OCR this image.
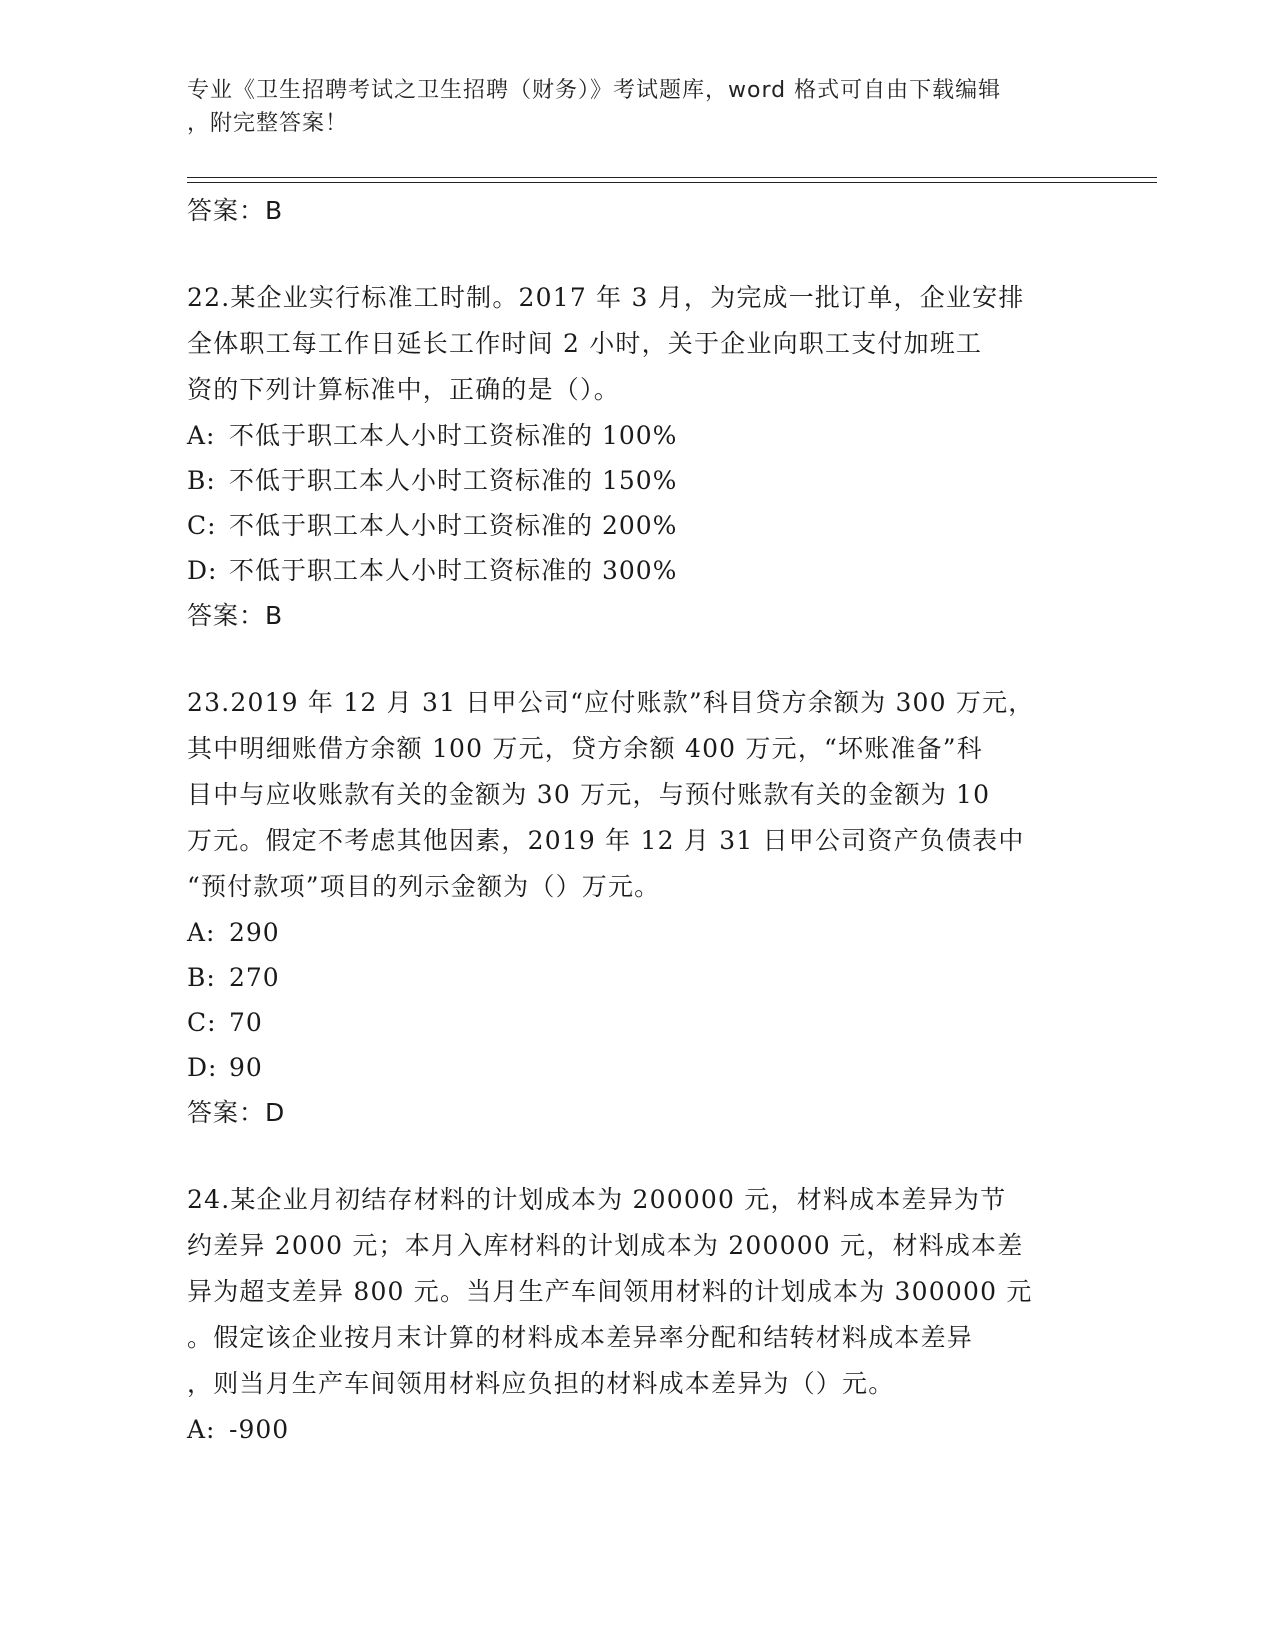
专业《卫生招聘考试之卫生招聘（财务）》考试题库，word 格式可自由下载编辑
，附完整答案！
答案：B
22.某企业实行标准工时制。2017 年 3 月，为完成一批订单，企业安排
全体职工每工作日延长工作时间 2 小时，关于企业向职工支付加班工
资的下列计算标准中，正确的是（）。
A: 不低于职工本人小时工资标准的 100%
B: 不低于职工本人小时工资标准的 150%
C: 不低于职工本人小时工资标准的 200%
D: 不低于职工本人小时工资标准的 300%
答案：B
23.2019 年 12 月 31 日甲公司“应付账款”科目贷方余额为 300 万元，
其中明细账借方余额 100 万元，贷方余额 400 万元，“坏账准备”科
目中与应收账款有关的金额为 30 万元，与预付账款有关的金额为 10
万元。假定不考虑其他因素，2019 年 12 月 31 日甲公司资产负债表中
“预付款项”项目的列示金额为（）万元。
A: 290
B: 270
C: 70
D: 90
答案：D
24.某企业月初结存材料的计划成本为 200000 元，材料成本差异为节
约差异 2000 元；本月入库材料的计划成本为 200000 元，材料成本差
异为超支差异 800 元。当月生产车间领用材料的计划成本为 300000 元
。假定该企业按月末计算的材料成本差异率分配和结转材料成本差异
，则当月生产车间领用材料应负担的材料成本差异为（）元。
A: -900
